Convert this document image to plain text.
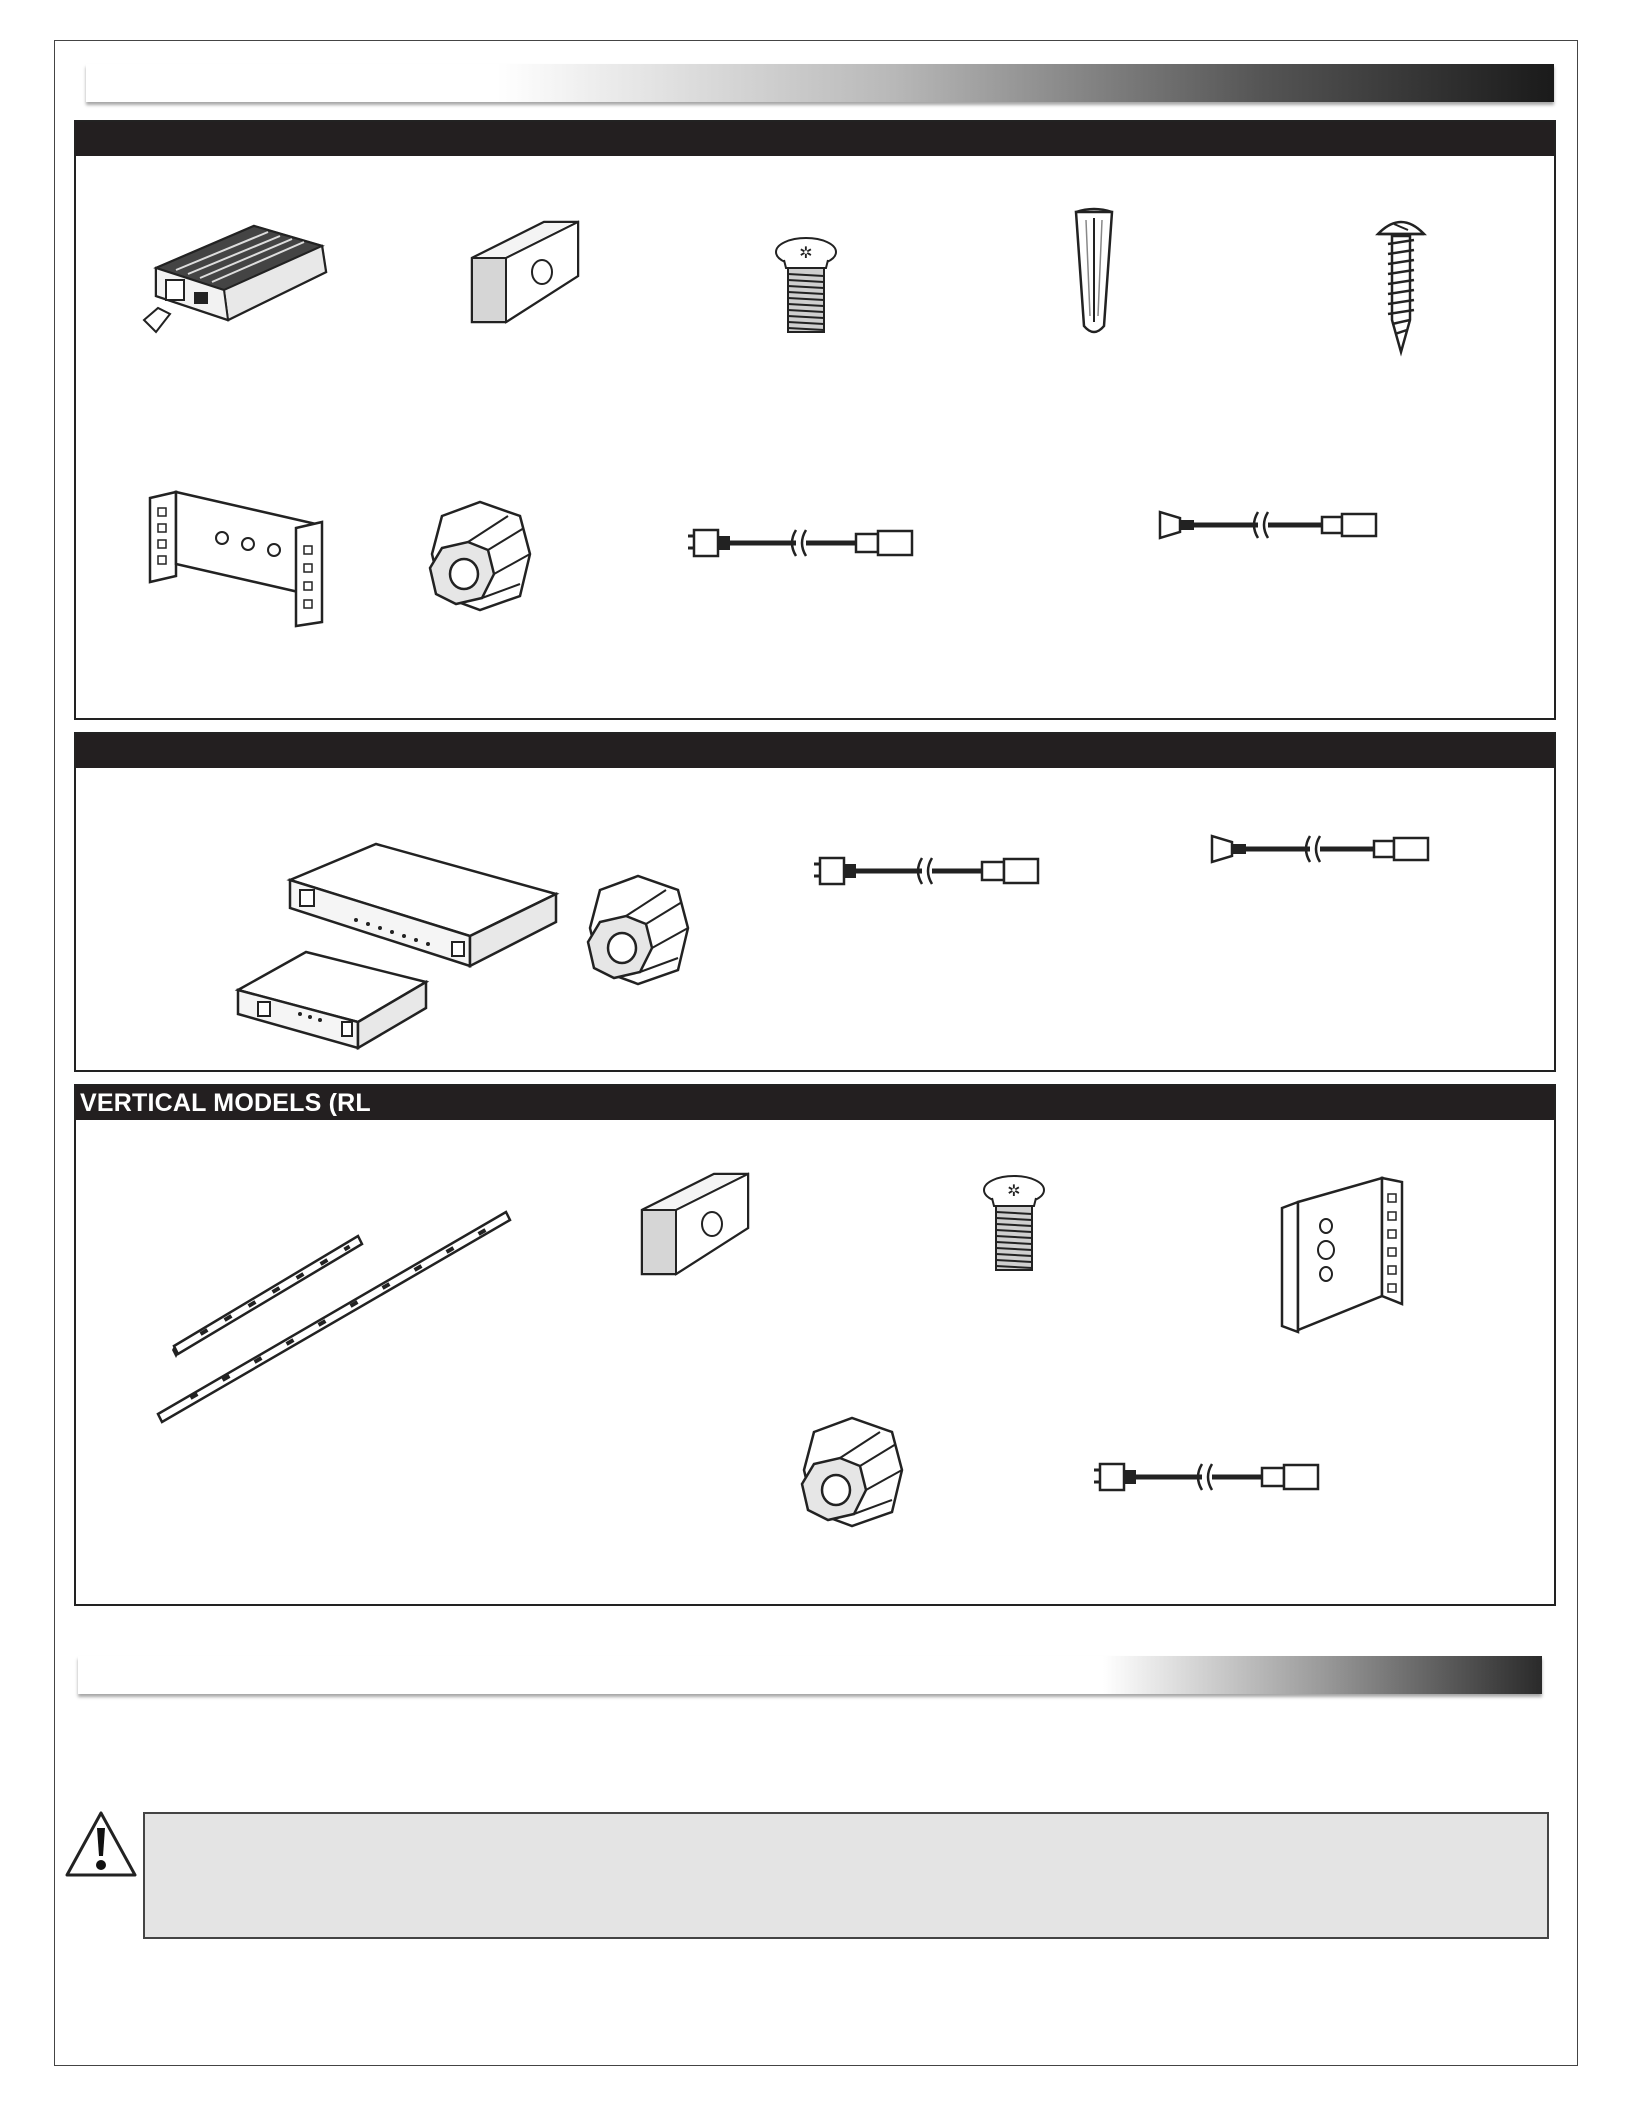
VERTICAL MODELS (RL
